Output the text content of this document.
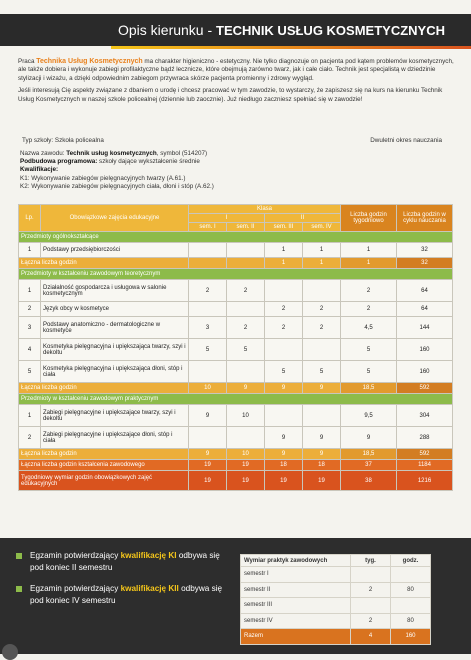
Opis kierunku - TECHNIK USŁUG KOSMETYCZNYCH

Praca Technika Usług Kosmetycznych ma charakter higieniczno - estetyczny. Nie tylko diagnozuje on pacjenta pod kątem problemów kosmetycznych, ale także dobiera i wykonuje zabiegi profilaktyczne bądź lecznicze, które obejmują zarówno twarz, jak i całe ciało. Technik jest specjalistą w dziedzinie stylizacji i wizażu, a dzięki odpowiednim zabiegom przywraca skórze pacjenta promienny i zdrowy wygląd.

Jeśli interesują Cię aspekty związane z dbaniem o urodę i chcesz pracować w tym zawodzie, to wystarczy, że zapiszesz się na kurs na kierunku Technik Usług Kosmetycznych w naszej szkole policealnej (dziennie lub zaocznie). Już niedługo zaczniesz spełniać się w zawodzie!

Typ szkoły: Szkoła policealna	Dwuletni okres nauczania
Nazwa zawodu: Technik usług kosmetycznych, symbol (514207)
Podbudowa programowa: szkoły dające wykształcenie średnie
Kwalifikacje:
K1: Wykonywanie zabiegów pielęgnacyjnych twarzy (A.61.)
K2: Wykonywanie zabiegów pielęgnacyjnych ciała, dłoni i stóp (A.62.)
Lp.	Obowiązkowe zajęcia edukacyjne	Klasa				Liczba godzin tygodniowo	Liczba godzin w cyklu nauczania
		I		II			
		sem. I	sem. II	sem. III	sem. IV		
Przedmioty ogólnokształcące							
1	Podstawy przedsiębiorczości			1	1	1	32
Łączna liczba godzin				1	1	1	32
Przedmioty w kształceniu zawodowym teoretycznym							
1	Działalność gospodarcza i usługowa w salonie kosmetycznym	2	2			2	64
2	Język obcy w kosmetyce			2	2	2	64
3	Podstawy anatomiczno - dermatologiczne w kosmetyce	3	2	2	2	4,5	144
4	Kosmetyka pielęgnacyjna i upiększająca twarzy, szyi i dekoltu	5	5			5	160
5	Kosmetyka pielęgnacyjna i upiększająca dłoni, stóp i ciała			5	5	5	160
Łączna liczba godzin		10	9	9	9	18,5	592
Przedmioty w kształceniu zawodowym praktycznym							
1	Zabiegi pielęgnacyjne i upiększające twarzy, szyi i dekoltu	9	10			9,5	304
2	Zabiegi pielęgnacyjne i upiększające dłoni, stóp i ciała			9	9	9	288
Łączna liczba godzin		9	10	9	9	18,5	592
Łączna liczba godzin kształcenia zawodowego		19	19	18	18	37	1184
Tygodniowy wymiar godzin obowiązkowych zajęć edukacyjnych		19	19	19	19	38	1216
Egzamin potwierdzający kwalifikację KI odbywa się pod koniec II semestru
Egzamin potwierdzający kwalifikację KII odbywa się pod koniec IV semestru
Wymiar praktyk zawodowych	tyg.	godz.
semestr I		
semestr II	2	80
semestr III		
semestr IV	2	80
Razem	4	160
